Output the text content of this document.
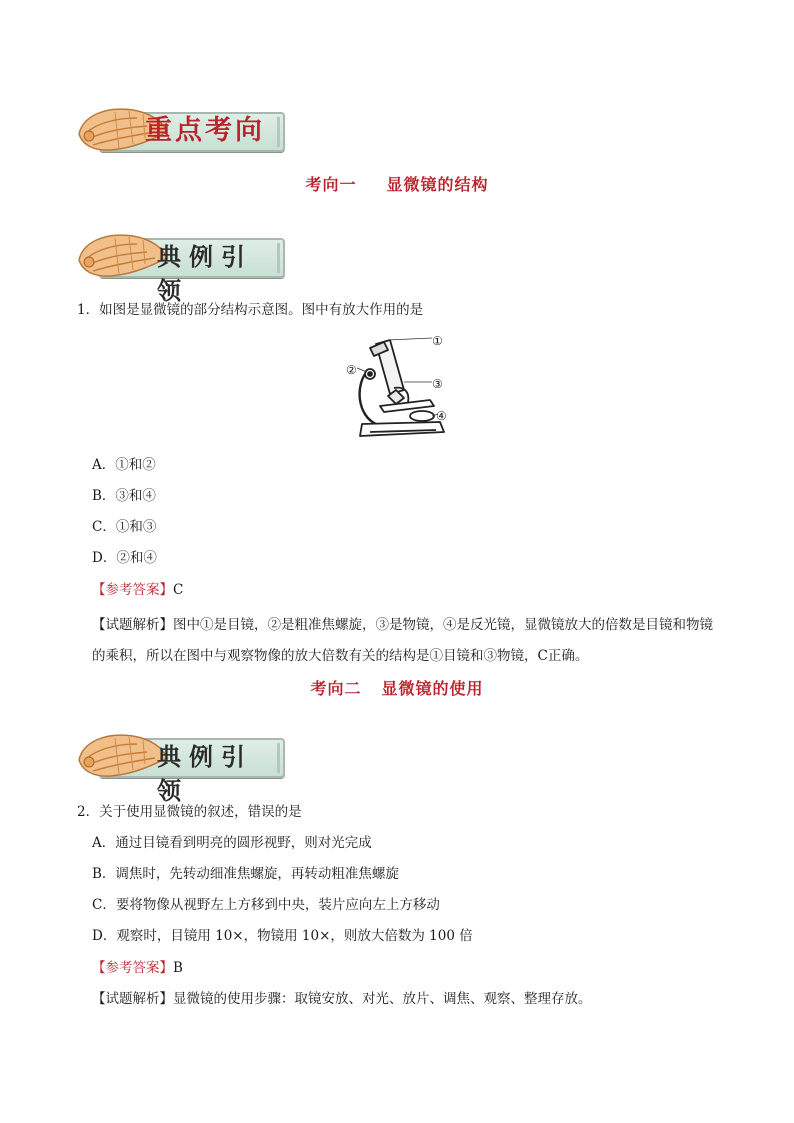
重点考向
考向一 显微镜的结构
典例引领
1．如图是显微镜的部分结构示意图。图中有放大作用的是
①
②
③
④
A．①和②
B．③和④
C．①和③
D．②和④
【参考答案】C
【试题解析】图中①是目镜，②是粗准焦螺旋，③是物镜，④是反光镜，显微镜放大的倍数是目镜和物镜的乘积，所以在图中与观察物像的放大倍数有关的结构是①目镜和③物镜，C正确。
考向二 显微镜的使用
典例引领
2．关于使用显微镜的叙述，错误的是
A．通过目镜看到明亮的圆形视野，则对光完成
B．调焦时，先转动细准焦螺旋，再转动粗准焦螺旋
C．要将物像从视野左上方移到中央，装片应向左上方移动
D．观察时，目镜用 10×，物镜用 10×，则放大倍数为 100 倍
【参考答案】B
【试题解析】显微镜的使用步骤：取镜安放、对光、放片、调焦、观察、整理存放。
